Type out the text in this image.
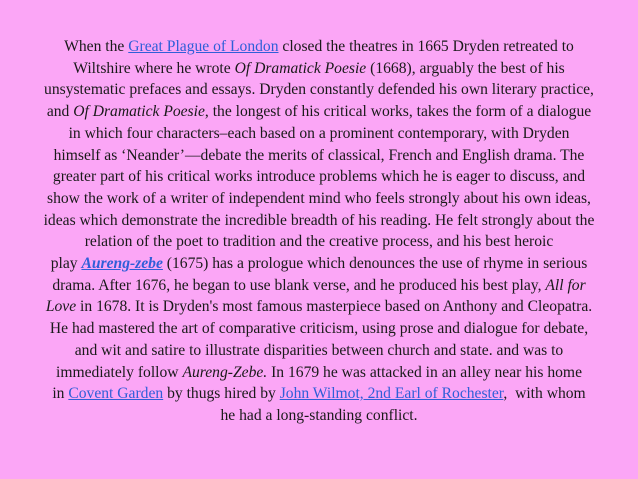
When the Great Plague of London closed the theatres in 1665 Dryden retreated to
Wiltshire where he wrote Of Dramatick Poesie (1668), arguably the best of his
unsystematic prefaces and essays. Dryden constantly defended his own literary practice,
and Of Dramatick Poesie, the longest of his critical works, takes the form of a dialogue
in which four characters–each based on a prominent contemporary, with Dryden
himself as ‘Neander’—debate the merits of classical, French and English drama. The
greater part of his critical works introduce problems which he is eager to discuss, and
show the work of a writer of independent mind who feels strongly about his own ideas,
ideas which demonstrate the incredible breadth of his reading. He felt strongly about the
relation of the poet to tradition and the creative process, and his best heroic
play Aureng-zebe (1675) has a prologue which denounces the use of rhyme in serious
drama. After 1676, he began to use blank verse, and he produced his best play, All for
Love in 1678. It is Dryden's most famous masterpiece based on Anthony and Cleopatra.
He had mastered the art of comparative criticism, using prose and dialogue for debate,
and wit and satire to illustrate disparities between church and state. and was to
immediately follow Aureng-Zebe. In 1679 he was attacked in an alley near his home
in Covent Garden by thugs hired by John Wilmot, 2nd Earl of Rochester,  with whom
he had a long-standing conflict.
